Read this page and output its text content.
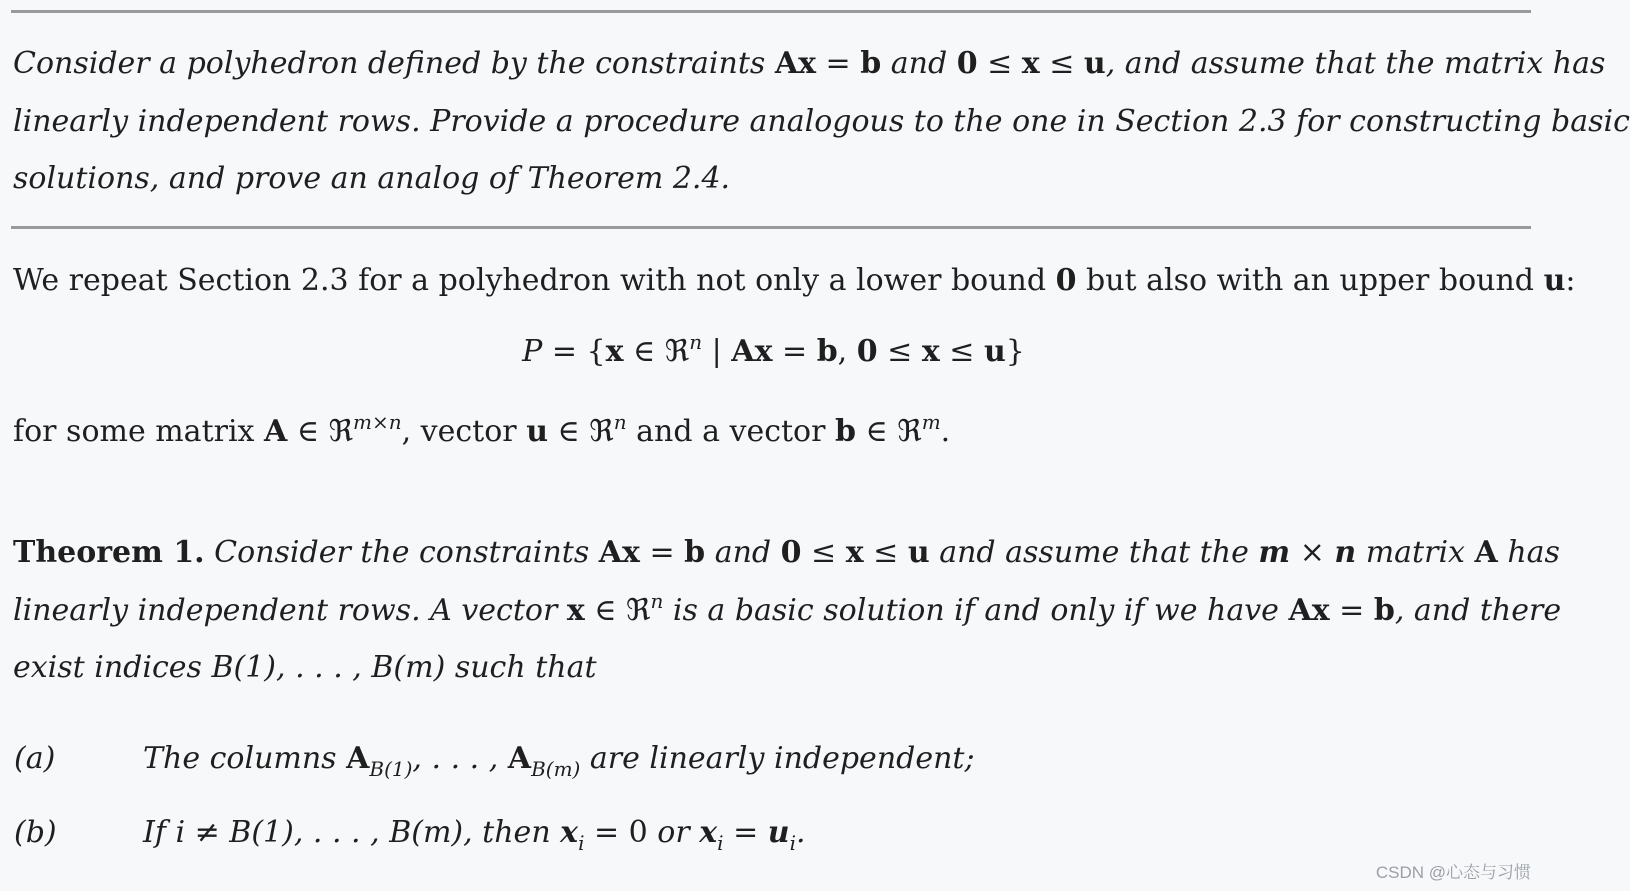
Consider a polyhedron defined by the constraints Ax = b and 0 ≤ x ≤ u, and assume that the matrix has
linearly independent rows. Provide a procedure analogous to the one in Section 2.3 for constructing basic
solutions, and prove an analog of Theorem 2.4.
We repeat Section 2.3 for a polyhedron with not only a lower bound 0 but also with an upper bound u:
P = {x ∈ ℜ$^n$ | Ax = b, 0 ≤ x ≤ u}
for some matrix A ∈ ℜ$^{m\times n}$, vector u ∈ ℜ$^n$ and a vector b ∈ ℜ$^m$.
Theorem 1. Consider the constraints Ax = b and 0 ≤ x ≤ u and assume that the m × n matrix A has
linearly independent rows. A vector x ∈ ℜ$^n$ is a basic solution if and only if we have Ax = b, and there
exist indices B(1), . . . , B(m) such that
(a)	The columns $A_{B(1)}$, . . . , $A_{B(m)}$ are linearly independent;
(b)	If i ≠ B(1), . . . , B(m), then $x_i = 0$ or $x_i = u_i$.
CSDN @心态与习惯
